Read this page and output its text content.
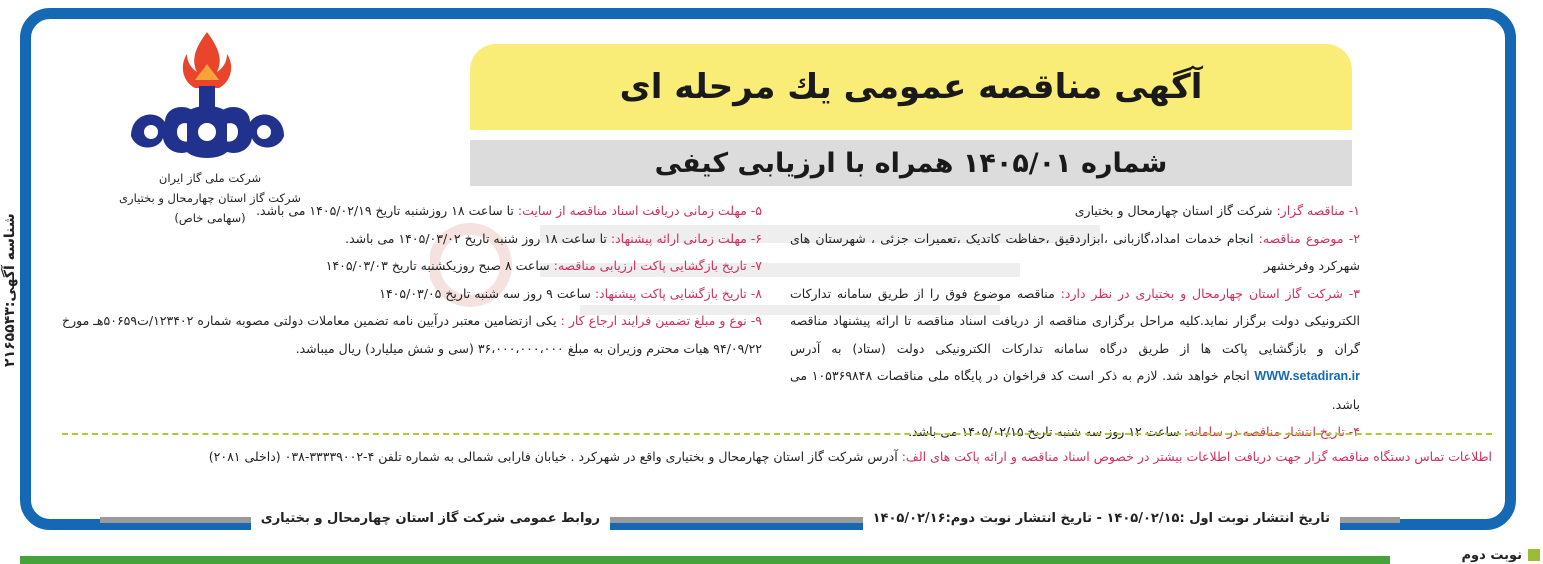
شناسه آگهی:۲۱۶۵۵۴۳
آگهی مناقصه عمومی یك مرحله ای
شماره ۱۴۰۵/۰۱ همراه با ارزیابی کیفی
شرکت ملی گاز ایران
شرکت گاز استان چهارمحال و بختیاری
(سهامی خاص)	۱- مناقصه گزار: شرکت گاز استان چهارمحال و بختیاری

۲- موضوع مناقصه: انجام خدمات امداد،گازبانی ،ابزاردقیق ،حفاظت کاتدیک ،تعمیرات جزئی ، شهرستان های شهرکرد وفرخشهر

۳- شرکت گاز استان چهارمحال و بختیاری در نظر دارد: مناقصه موضوع فوق را از طریق سامانه تدارکات الکترونیکی دولت برگزار نماید.کلیه مراحل برگزاری مناقصه از دریافت اسناد مناقصه تا ارائه پیشنهاد مناقصه گران و بازگشایی پاکت ها از طریق درگاه سامانه تدارکات الکترونیکی دولت (ستاد) به آدرس WWW.setadiran.ir انجام خواهد شد. لازم به ذکر است کد فراخوان در پایگاه ملی مناقصات ۱۰۵۳۶۹۸۴۸ می باشد.

۴- تاریخ انتشار مناقصه در سامانه: ساعت ۱۲ روز سه شنبه تاریخ ۱۴۰۵/۰۲/۱۵ می باشد.

۵- مهلت زمانی دریافت اسناد مناقصه از سایت: تا ساعت ۱۸ روزشنبه تاریخ ۱۴۰۵/۰۲/۱۹ می باشد.

۶- مهلت زمانی ارائه پیشنهاد: تا ساعت ۱۸ روز شنبه تاریخ ۱۴۰۵/۰۳/۰۲ می باشد.

۷- تاریخ بازگشایی پاکت ارزیابی مناقصه: ساعت ۸ صبح روزیکشنبه تاریخ ۱۴۰۵/۰۳/۰۳

۸- تاریخ بازگشایی پاکت پیشنهاد: ساعت ۹ روز سه شنبه تاریخ ۱۴۰۵/۰۳/۰۵

۹- نوع و مبلغ تضمین فرایند ارجاع کار : یکی ازتضامین معتبر درآیین نامه تضمین معاملات دولتی مصوبه شماره ۱۲۳۴۰۲/ت۵۰۶۵۹هـ مورخ ۹۴/۰۹/۲۲ هیات محترم وزیران به مبلغ ۳۶،۰۰۰،۰۰۰،۰۰۰ (سی و شش میلیارد) ریال میباشد.

اطلاعات تماس دستگاه مناقصه گزار جهت دریافت اطلاعات بیشتر در خصوص اسناد مناقصه و ارائه پاکت های الف: آدرس شرکت گاز استان چهارمحال و بختیاری واقع در شهرکرد . خیابان فارابی شمالی به شماره تلفن ۴-۳۳۳۳۹۰۰۲-۰۳۸ (داخلی ۲۰۸۱)

تاریخ انتشار نوبت اول :۱۴۰۵/۰۲/۱۵ - تاریخ انتشار نوبت دوم:۱۴۰۵/۰۲/۱۶
روابط عمومی شرکت گاز استان چهارمحال و بختیاری
نوبت دوم
